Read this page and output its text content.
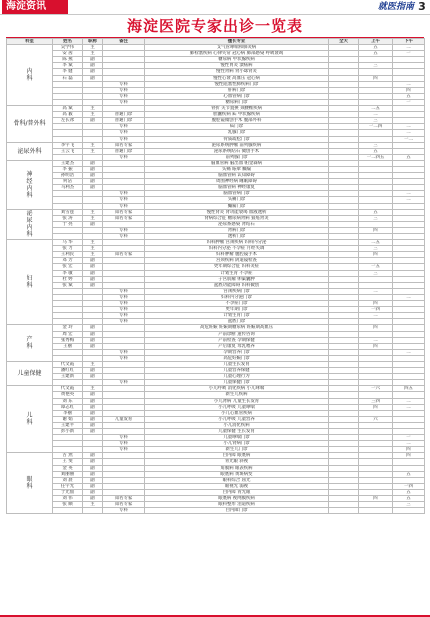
海淀资讯	就医指南 3
海淀医院专家出诊一览表
科室	姓名	职称	备注	擅长专业	全天	上午	下午
内
科	吴学伟	主		支气管哮喘和肺炎病		五	二
	安 茜	主		肺栓塞疾病 心律失常 冠心病 肺部感染 呼吸衰竭		五	一
	陈 燕	副		糖尿病 甲状腺疾病			
	李 斌	副		慢性胃炎 溃疡病		三	
	李 健	副		慢性肾病 肾小球肾炎			
	石 磊	副		慢性心衰 高血压 冠心病		四	
			专科	慢性阻塞性肺疾病门诊			二
			专科	肝病门诊			四
			专科	心血管病门诊			五
			专科	糖尿病门诊			一
骨科/普外科	高 斌	主		骨折 关节置换 颈腰椎疾病		二五	
	高 毅	主	普通门诊	胆囊疾病 疝 甲状腺疾病		二	
	左长冰	副	普通门诊	腹腔镜微创手术 腹部外科		三	
			专科	疝门诊		一二四	二
			专科	乳腺门诊			二
			专科	骨质疏松门诊			一二
泌尿外科	李宇飞	主	知名专家	泌尿系统肿瘤 前列腺疾病		三	
	王云飞	主	普通门诊	泌尿系统结石 微创手术		五	
			专科	前列腺门诊		一二四五	五
神
经
内
科	王建杰	副		脑血管病 脑出血 帕金森病			
	李 振	副		头痛 眩晕 癫痫			
	孙明浩	副		脑血管病 认知障碍			
	何洁	副		周围神经病 睡眠障碍			
	马利杰	副		脑血管病 神经康复			
			专科	脑血管病门诊			二
			专科	头痛门诊			二
			专科	癫痫门诊			
泌
尿
内
科	刘雪莲	主	知名专家	慢性肾炎 肾功能衰竭 血液透析		五	
	张 涛	主	知名专家	肾病综合征 糖尿病肾病 狼疮肾炎		三	
	于 亮	副		泌尿系感染 肾结石			
			专科	肾病门诊		四	
			专科	透析门诊			
妇
科	马 华	主		妇科肿瘤 宫颈疾病 妇科内分泌		二五	
	张 力	主		妇科内分泌 不孕症 月经失调		三	
	王利民	主	知名专家	妇科肿瘤 腹腔镜手术		四	
	邓 芳	副		宫颈疾病 阴道镜检查			
	张 宏	副		更年期综合征 妇科炎症		一五	
	李 敏	副		计划生育 不孕症		三	
	杜 婷	副		子宫肌瘤 卵巢囊肿			
	张 斌	副		盆底功能障碍 妇科微创			
			专科	宫颈疾病门诊		二	
			专科	妇科内分泌门诊			二
			专科	不孕症门诊		四	
			专科	更年期门诊		一四	
			专科	计划生育门诊		二	
			专科	盆底门诊			
产
科	金 玲	副		高危妊娠 妊娠期糖尿病 妊娠期高血压		四	
	周 宏	副		产前诊断 遗传咨询			
	张秀梅	副		产前检查 孕期保健		二	
	王丽	副		产后康复 母乳喂养		四	
			专科	孕期营养门诊			二
			专科	高危妊娠门诊			
儿童保健	代文霞	主		儿童生长发育			
	潘红红	副		儿童营养保健			
	王建新	副		儿童心理行为			
			专科	儿童保健门诊			
儿
科	代文霞	主		小儿呼吸 消化疾病 小儿哮喘		一六	四五
	黄艳英	副		新生儿疾病			
	刘 东	副		小儿肾病 儿童生长发育		三四	二
	谭志红	副		小儿呼吸 儿童哮喘		四	二
	李丽	副		小儿心血管疾病			
	谢 娟	副	儿童发育	小儿呼吸 儿童营养		六	
	王建平	副		小儿消化疾病			
	彭小新	副		儿童保健 生长发育			
			专科	儿童哮喘门诊			一
			专科	小儿肾病门诊			二
			专科	新生儿门诊			四
眼
科	古 然	副		白内障 眼底病			四
	王 斐	副		青光眼 斜视			
	金 英	副		角膜病 眼表疾病			
	刘丽丽	副		眼底病 黄斑病变			五
	刘 晨	副		眼科综合 屈光			
	任宇光	副		眼视光 弱视			一四
	于光仙	副		白内障 青光眼			五
	刘 伟	副	知名专家	眼底病 视网膜疾病		四	五
	张 顺	主	知名专家	眼科整形 泪道疾病			三
			专科	白内障门诊			
